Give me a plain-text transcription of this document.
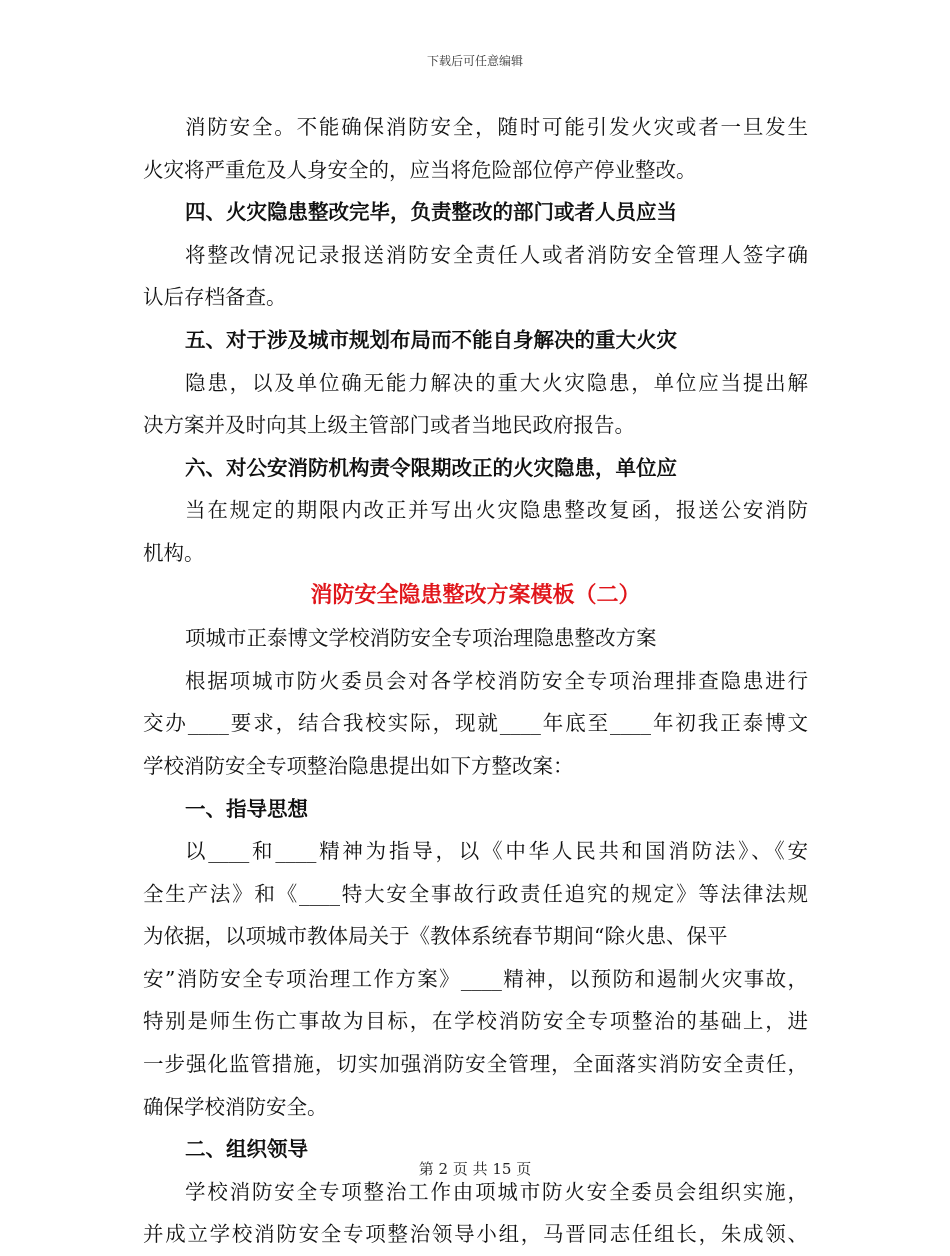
下载后可任意编辑
消防安全。不能确保消防安全，随时可能引发火灾或者一旦发生
火灾将严重危及人身安全的，应当将危险部位停产停业整改。
四、火灾隐患整改完毕，负责整改的部门或者人员应当
将整改情况记录报送消防安全责任人或者消防安全管理人签字确
认后存档备查。
五、对于涉及城市规划布局而不能自身解决的重大火灾
隐患，以及单位确无能力解决的重大火灾隐患，单位应当提出解
决方案并及时向其上级主管部门或者当地民政府报告。
六、对公安消防机构责令限期改正的火灾隐患，单位应
当在规定的期限内改正并写出火灾隐患整改复函，报送公安消防
机构。
消防安全隐患整改方案模板（二）
项城市正泰博文学校消防安全专项治理隐患整改方案
根据项城市防火委员会对各学校消防安全专项治理排查隐患进行
交办____要求，结合我校实际，现就____年底至____年初我正泰博文
学校消防安全专项整治隐患提出如下方整改案：
一、指导思想
以____和____精神为指导，以《中华人民共和国消防法》、《安
全生产法》和《____特大安全事故行政责任追究的规定》等法律法规
为依据，以项城市教体局关于《教体系统春节期间“除火患、保平
安”消防安全专项治理工作方案》____精神，以预防和遏制火灾事故，
特别是师生伤亡事故为目标，在学校消防安全专项整治的基础上，进
一步强化监管措施，切实加强消防安全管理，全面落实消防安全责任，
确保学校消防安全。
二、组织领导
学校消防安全专项整治工作由项城市防火安全委员会组织实施，
并成立学校消防安全专项整治领导小组，马晋同志任组长，朱成领、
第 2 页 共 15 页
